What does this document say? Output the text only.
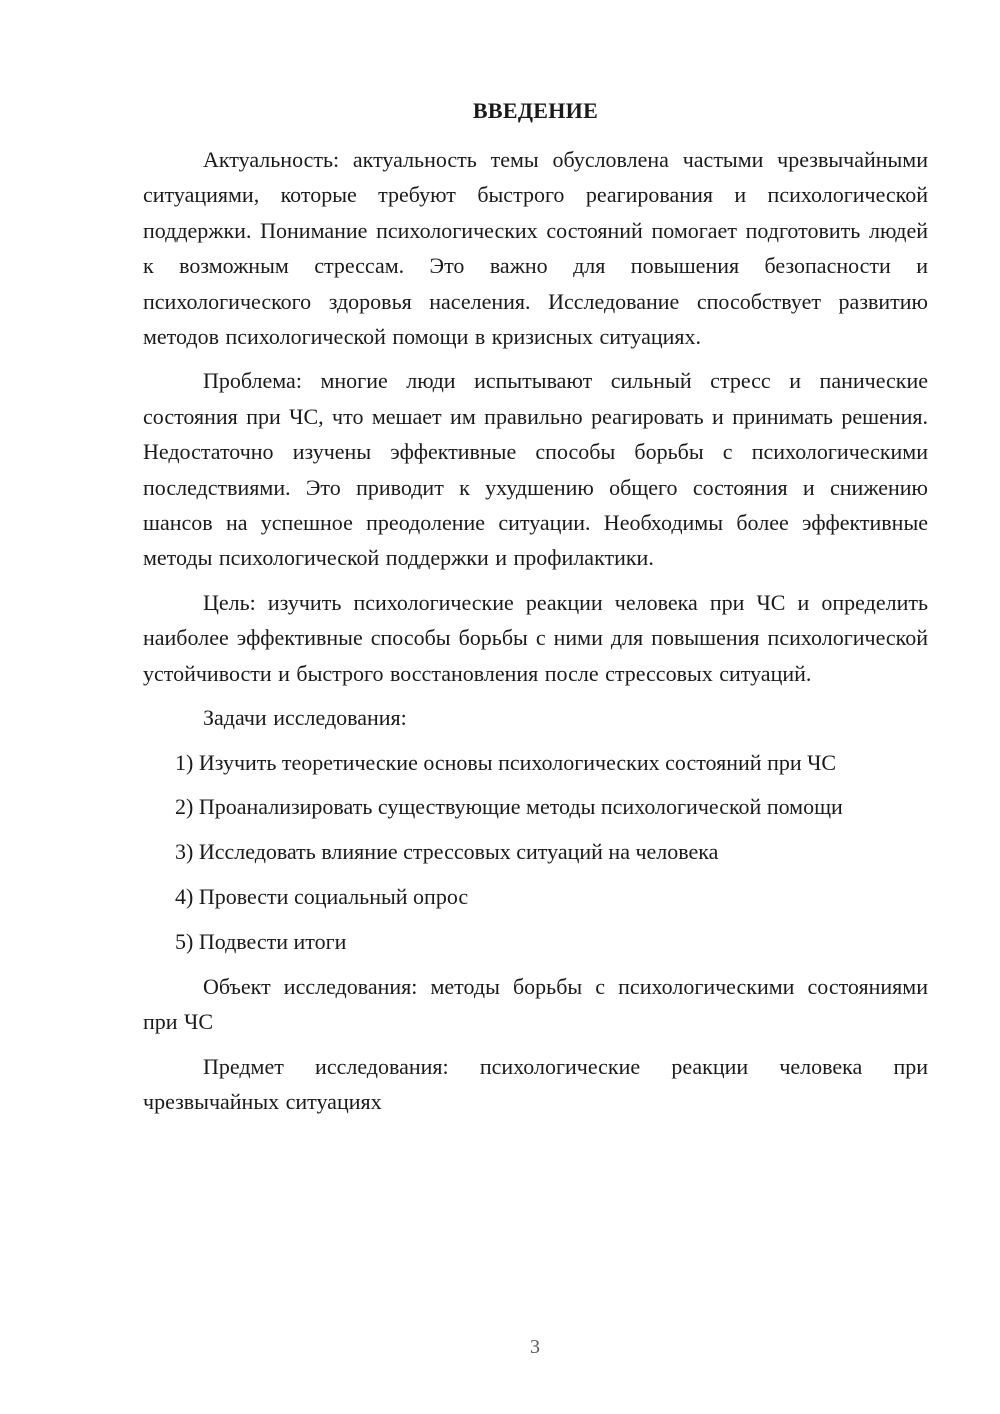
ВВЕДЕНИЕ

Актуальность: актуальность темы обусловлена частыми чрезвычайными ситуациями, которые требуют быстрого реагирования и психологической поддержки. Понимание психологических состояний помогает подготовить людей к возможным стрессам. Это важно для повышения безопасности и психологического здоровья населения. Исследование способствует развитию методов психологической помощи в кризисных ситуациях.

Проблема: многие люди испытывают сильный стресс и панические состояния при ЧС, что мешает им правильно реагировать и принимать решения. Недостаточно изучены эффективные способы борьбы с психологическими последствиями. Это приводит к ухудшению общего состояния и снижению шансов на успешное преодоление ситуации. Необходимы более эффективные методы психологической поддержки и профилактики.

Цель: изучить психологические реакции человека при ЧС и определить наиболее эффективные способы борьбы с ними для повышения психологической устойчивости и быстрого восстановления после стрессовых ситуаций.

Задачи исследования:

1) Изучить теоретические основы психологических состояний при ЧС

2) Проанализировать существующие методы психологической помощи

3) Исследовать влияние стрессовых ситуаций на человека

4) Провести социальный опрос

5) Подвести итоги

Объект исследования: методы борьбы с психологическими состояниями при ЧС

Предмет исследования: психологические реакции человека при чрезвычайных ситуациях

3
